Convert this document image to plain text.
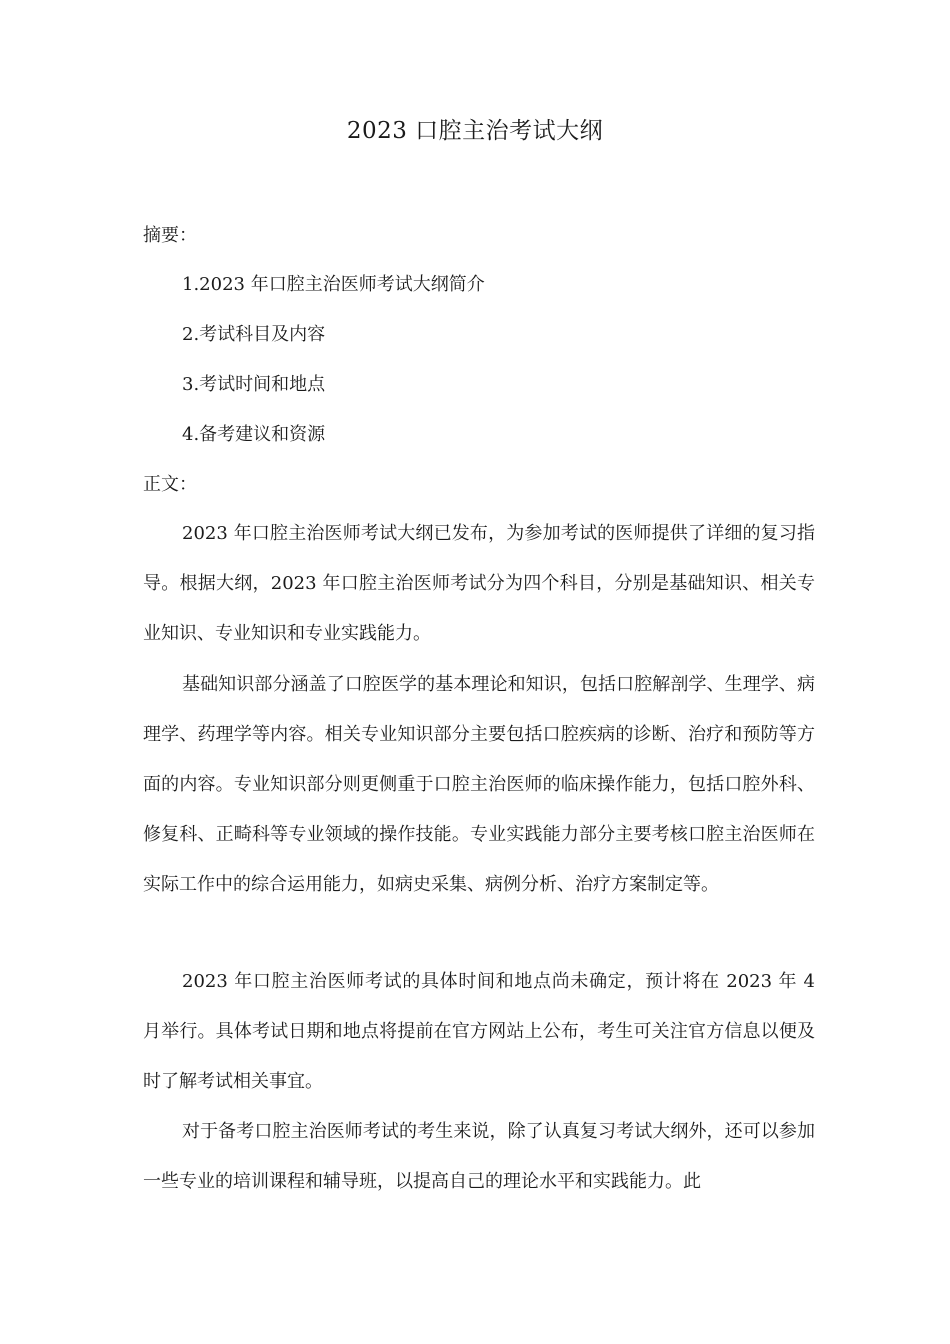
2023 口腔主治考试大纲
摘要：
1.2023 年口腔主治医师考试大纲简介
2.考试科目及内容
3.考试时间和地点
4.备考建议和资源
正文：

2023 年口腔主治医师考试大纲已发布，为参加考试的医师提供了详细的复习指导。根据大纲，2023 年口腔主治医师考试分为四个科目，分别是基础知识、相关专业知识、专业知识和专业实践能力。

基础知识部分涵盖了口腔医学的基本理论和知识，包括口腔解剖学、生理学、病理学、药理学等内容。相关专业知识部分主要包括口腔疾病的诊断、治疗和预防等方面的内容。专业知识部分则更侧重于口腔主治医师的临床操作能力，包括口腔外科、修复科、正畸科等专业领域的操作技能。专业实践能力部分主要考核口腔主治医师在实际工作中的综合运用能力，如病史采集、病例分析、治疗方案制定等。

2023 年口腔主治医师考试的具体时间和地点尚未确定，预计将在 2023 年 4 月举行。具体考试日期和地点将提前在官方网站上公布，考生可关注官方信息以便及时了解考试相关事宜。

对于备考口腔主治医师考试的考生来说，除了认真复习考试大纲外，还可以参加一些专业的培训课程和辅导班，以提高自己的理论水平和实践能力。此
